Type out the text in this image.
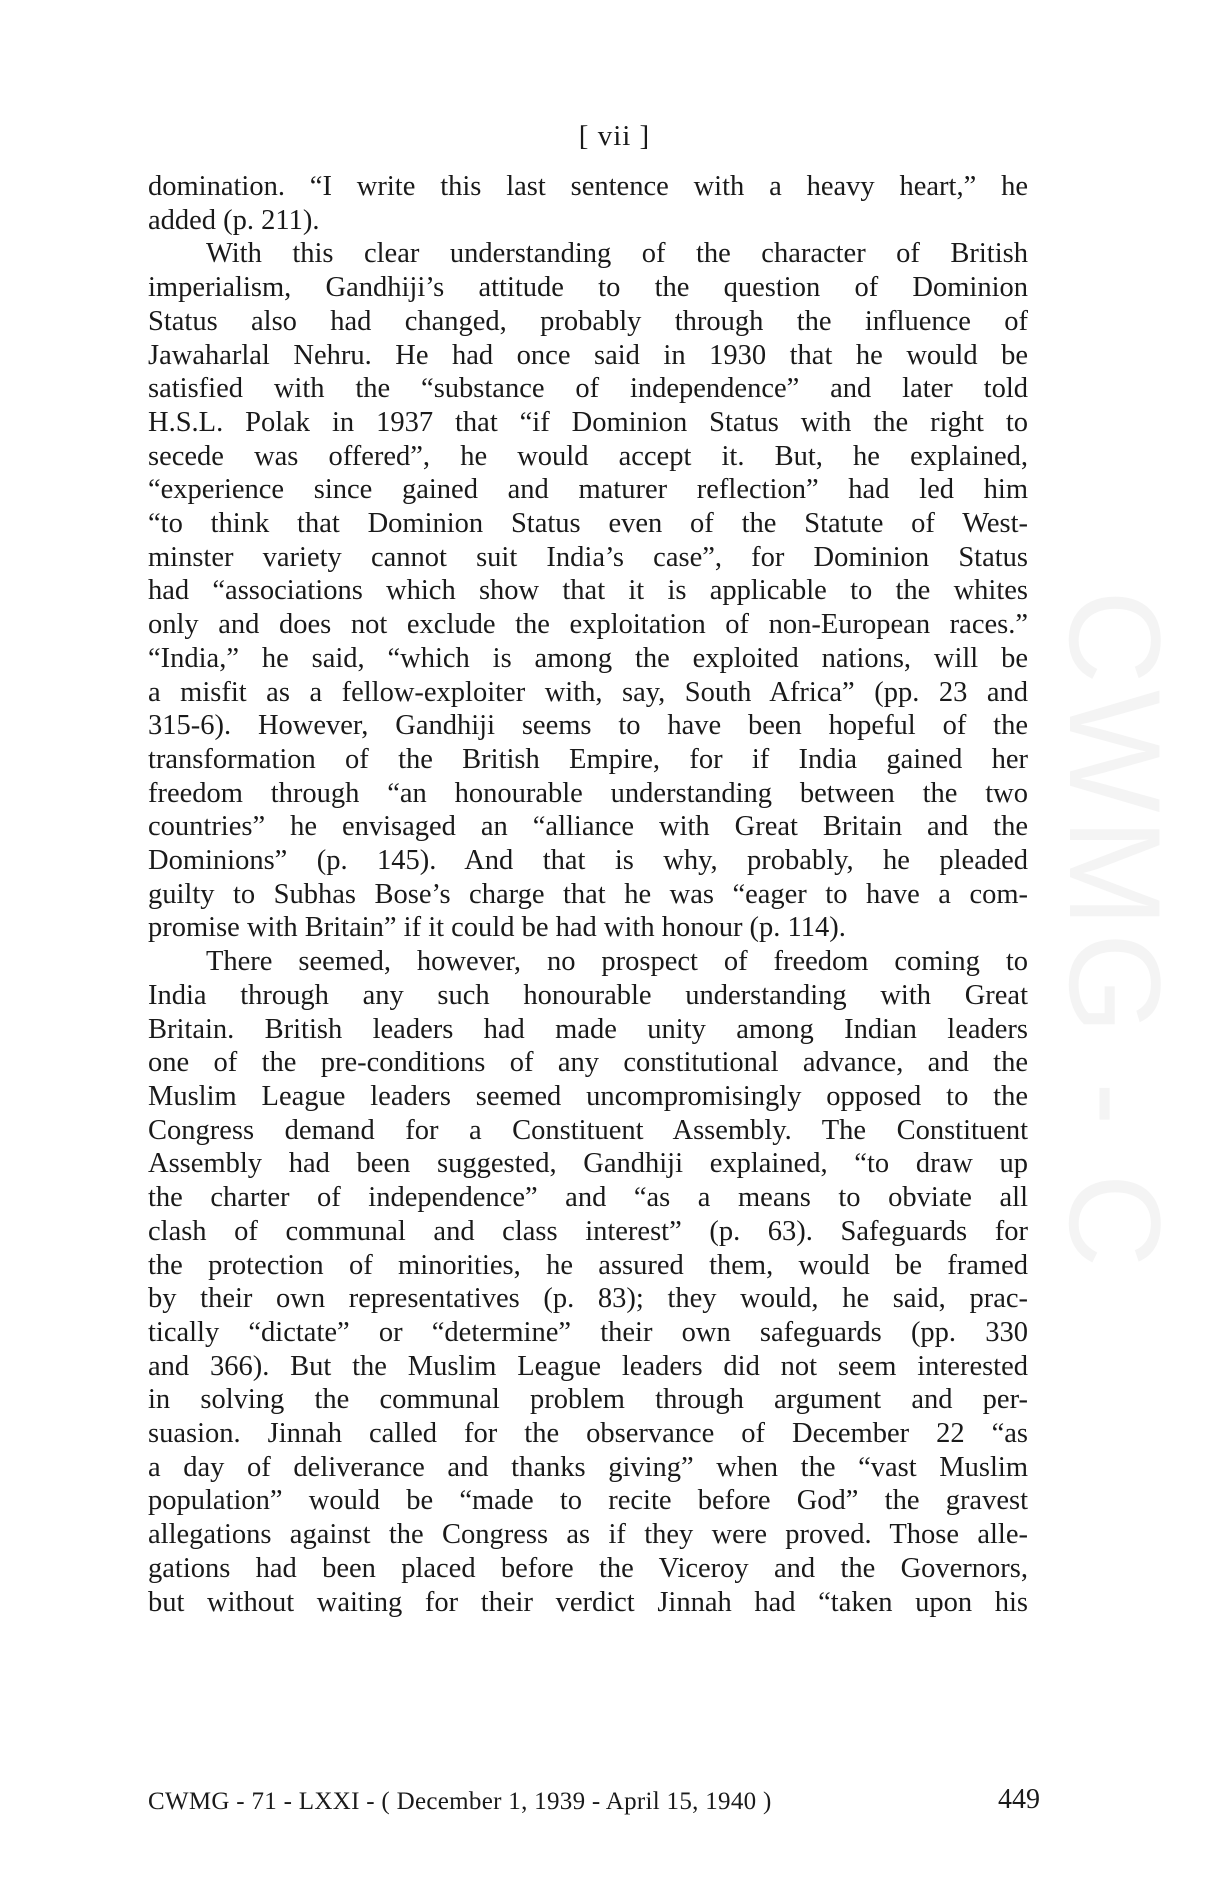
[ vii ]
domination. “I write this last sentence with a heavy heart,” he
added (p. 211).
With this clear understanding of the character of British
imperialism, Gandhiji’s attitude to the question of Dominion
Status also had changed, probably through the influence of
Jawaharlal Nehru. He had once said in 1930 that he would be
satisfied with the “substance of independence” and later told
H.S.L. Polak in 1937 that “if Dominion Status with the right to
secede was offered”, he would accept it. But, he explained,
“experience since gained and maturer reflection” had led him
“to think that Dominion Status even of the Statute of West-
minster variety cannot suit India’s case”, for Dominion Status
had “associations which show that it is applicable to the whites
only and does not exclude the exploitation of non-European races.”
“India,” he said, “which is among the exploited nations, will be
a misfit as a fellow-exploiter with, say, South Africa” (pp. 23 and
315-6). However, Gandhiji seems to have been hopeful of the
transformation of the British Empire, for if India gained her
freedom through “an honourable understanding between the two
countries” he envisaged an “alliance with Great Britain and the
Dominions” (p. 145). And that is why, probably, he pleaded
guilty to Subhas Bose’s charge that he was “eager to have a com-
promise with Britain” if it could be had with honour (p. 114).
There seemed, however, no prospect of freedom coming to
India through any such honourable understanding with Great
Britain. British leaders had made unity among Indian leaders
one of the pre-conditions of any constitutional advance, and the
Muslim League leaders seemed uncompromisingly opposed to the
Congress demand for a Constituent Assembly. The Constituent
Assembly had been suggested, Gandhiji explained, “to draw up
the charter of independence” and “as a means to obviate all
clash of communal and class interest” (p. 63). Safeguards for
the protection of minorities, he assured them, would be framed
by their own representatives (p. 83); they would, he said, prac-
tically “dictate” or “determine” their own safeguards (pp. 330
and 366). But the Muslim League leaders did not seem interested
in solving the communal problem through argument and per-
suasion. Jinnah called for the observance of December 22 “as
a day of deliverance and thanks giving” when the “vast Muslim
population” would be “made to recite before God” the gravest
allegations against the Congress as if they were proved. Those alle-
gations had been placed before the Viceroy and the Governors,
but without waiting for their verdict Jinnah had “taken upon his
CWMG - 71 - LXXI - ( December 1, 1939 - April 15, 1940 )	449
